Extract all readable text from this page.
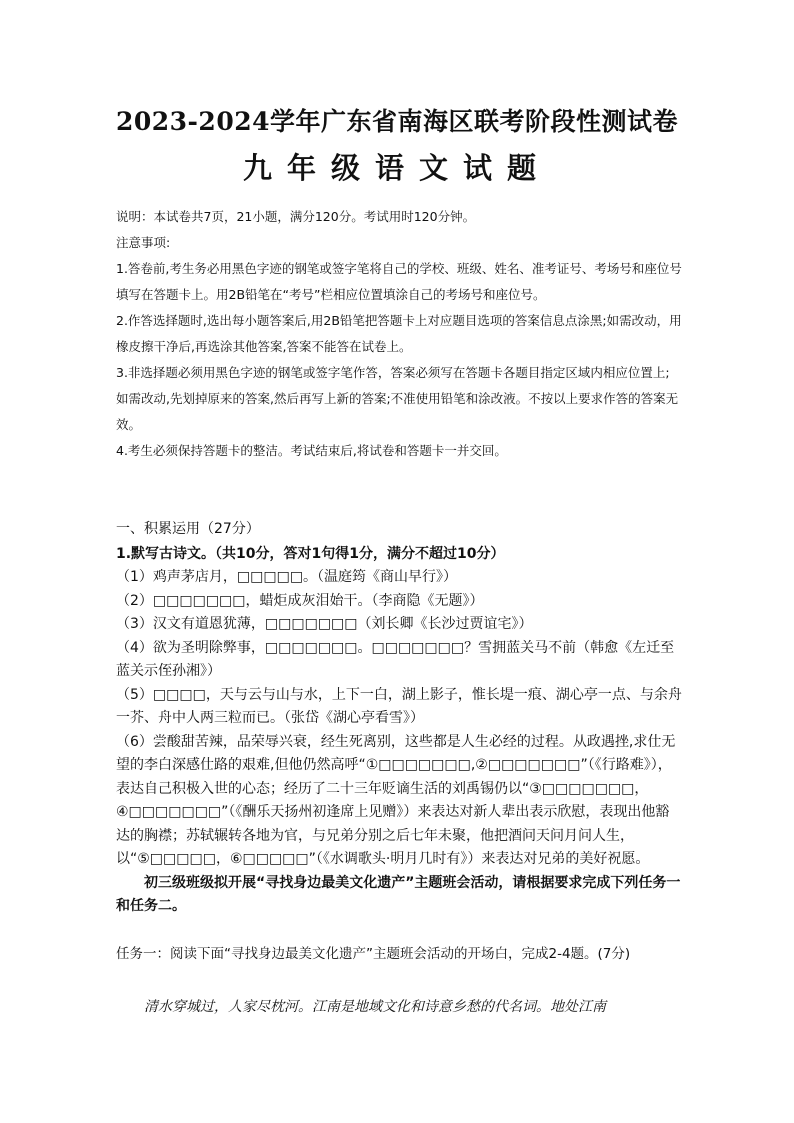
2023-2024学年广东省南海区联考阶段性测试卷
九年级语文试题

说明：本试卷共7页，21小题，满分120分。考试用时120分钟。

注意事项:

1.答卷前,考生务必用黑色字迹的钢笔或签字笔将自己的学校、班级、姓名、准考证号、考场号和座位号填写在答题卡上。用2B铅笔在“考号”栏相应位置填涂自己的考场号和座位号。

2.作答选择题时,选出每小题答案后,用2B铅笔把答题卡上对应题目选项的答案信息点涂黑;如需改动，用橡皮擦干净后,再选涂其他答案,答案不能答在试卷上。

3.非选择题必须用黑色字迹的钢笔或签字笔作答，答案必须写在答题卡各题目指定区域内相应位置上;如需改动,先划掉原来的答案,然后再写上新的答案;不准使用铅笔和涂改液。不按以上要求作答的答案无效。

4.考生必须保持答题卡的整洁。考试结束后,将试卷和答题卡一并交回。

一、积累运用（27分）
1.默写古诗文。（共10分，答对1句得1分，满分不超过10分）

（1）鸡声茅店月，□□□□□。（温庭筠《商山早行》）

（2）□□□□□□□，蜡炬成灰泪始干。（李商隐《无题》）

（3）汉文有道恩犹薄，□□□□□□□（刘长卿《长沙过贾谊宅》）

（4）欲为圣明除弊事，□□□□□□□。□□□□□□□？雪拥蓝关马不前（韩愈《左迁至蓝关示侄孙湘》）

（5）□□□□，天与云与山与水，上下一白，湖上影子，惟长堤一痕、湖心亭一点、与余舟一芥、舟中人两三粒而已。（张岱《湖心亭看雪》）

（6）尝酸甜苦辣，品荣辱兴衰，经生死离别，这些都是人生必经的过程。从政遇挫,求仕无望的李白深感仕路的艰难,但他仍然高呼“①□□□□□□□,②□□□□□□□”（《行路难》），表达自己积极入世的心态；经历了二十三年贬谪生活的刘禹锡仍以“③□□□□□□□，④□□□□□□□”（《酬乐天扬州初逢席上见赠》）来表达对新人辈出表示欣慰，表现出他豁达的胸襟；苏轼辗转各地为官，与兄弟分别之后七年未聚，他把酒问天问月问人生，以“⑤□□□□□，⑥□□□□□”（《水调歌头·明月几时有》）来表达对兄弟的美好祝愿。

初三级班级拟开展“寻找身边最美文化遗产”主题班会活动，请根据要求完成下列任务一和任务二。

任务一：阅读下面“寻找身边最美文化遗产”主题班会活动的开场白，完成2-4题。(7分)
清水穿城过，人家尽枕河。江南是地域文化和诗意乡愁的代名词。地处江南
